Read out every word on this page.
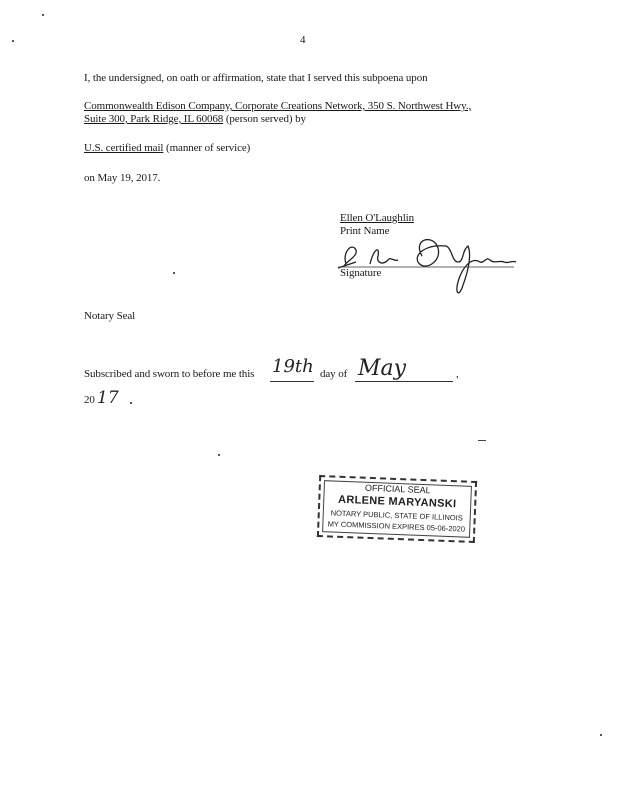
4
I, the undersigned, on oath or affirmation, state that I served this subpoena upon
Commonwealth Edison Company, Corporate Creations Network, 350 S. Northwest Hwy.,
Suite 300, Park Ridge, IL 60068 (person served) by
U.S. certified mail (manner of service)
on May 19, 2017.
Ellen O'Laughlin
Print Name
Signature
Notary Seal
Subscribed and sworn to before me this 19th day of May	,
20 17
OFFICIAL SEAL
ARLENE MARYANSKI
NOTARY PUBLIC, STATE OF ILLINOIS
MY COMMISSION EXPIRES 05-06-2020
